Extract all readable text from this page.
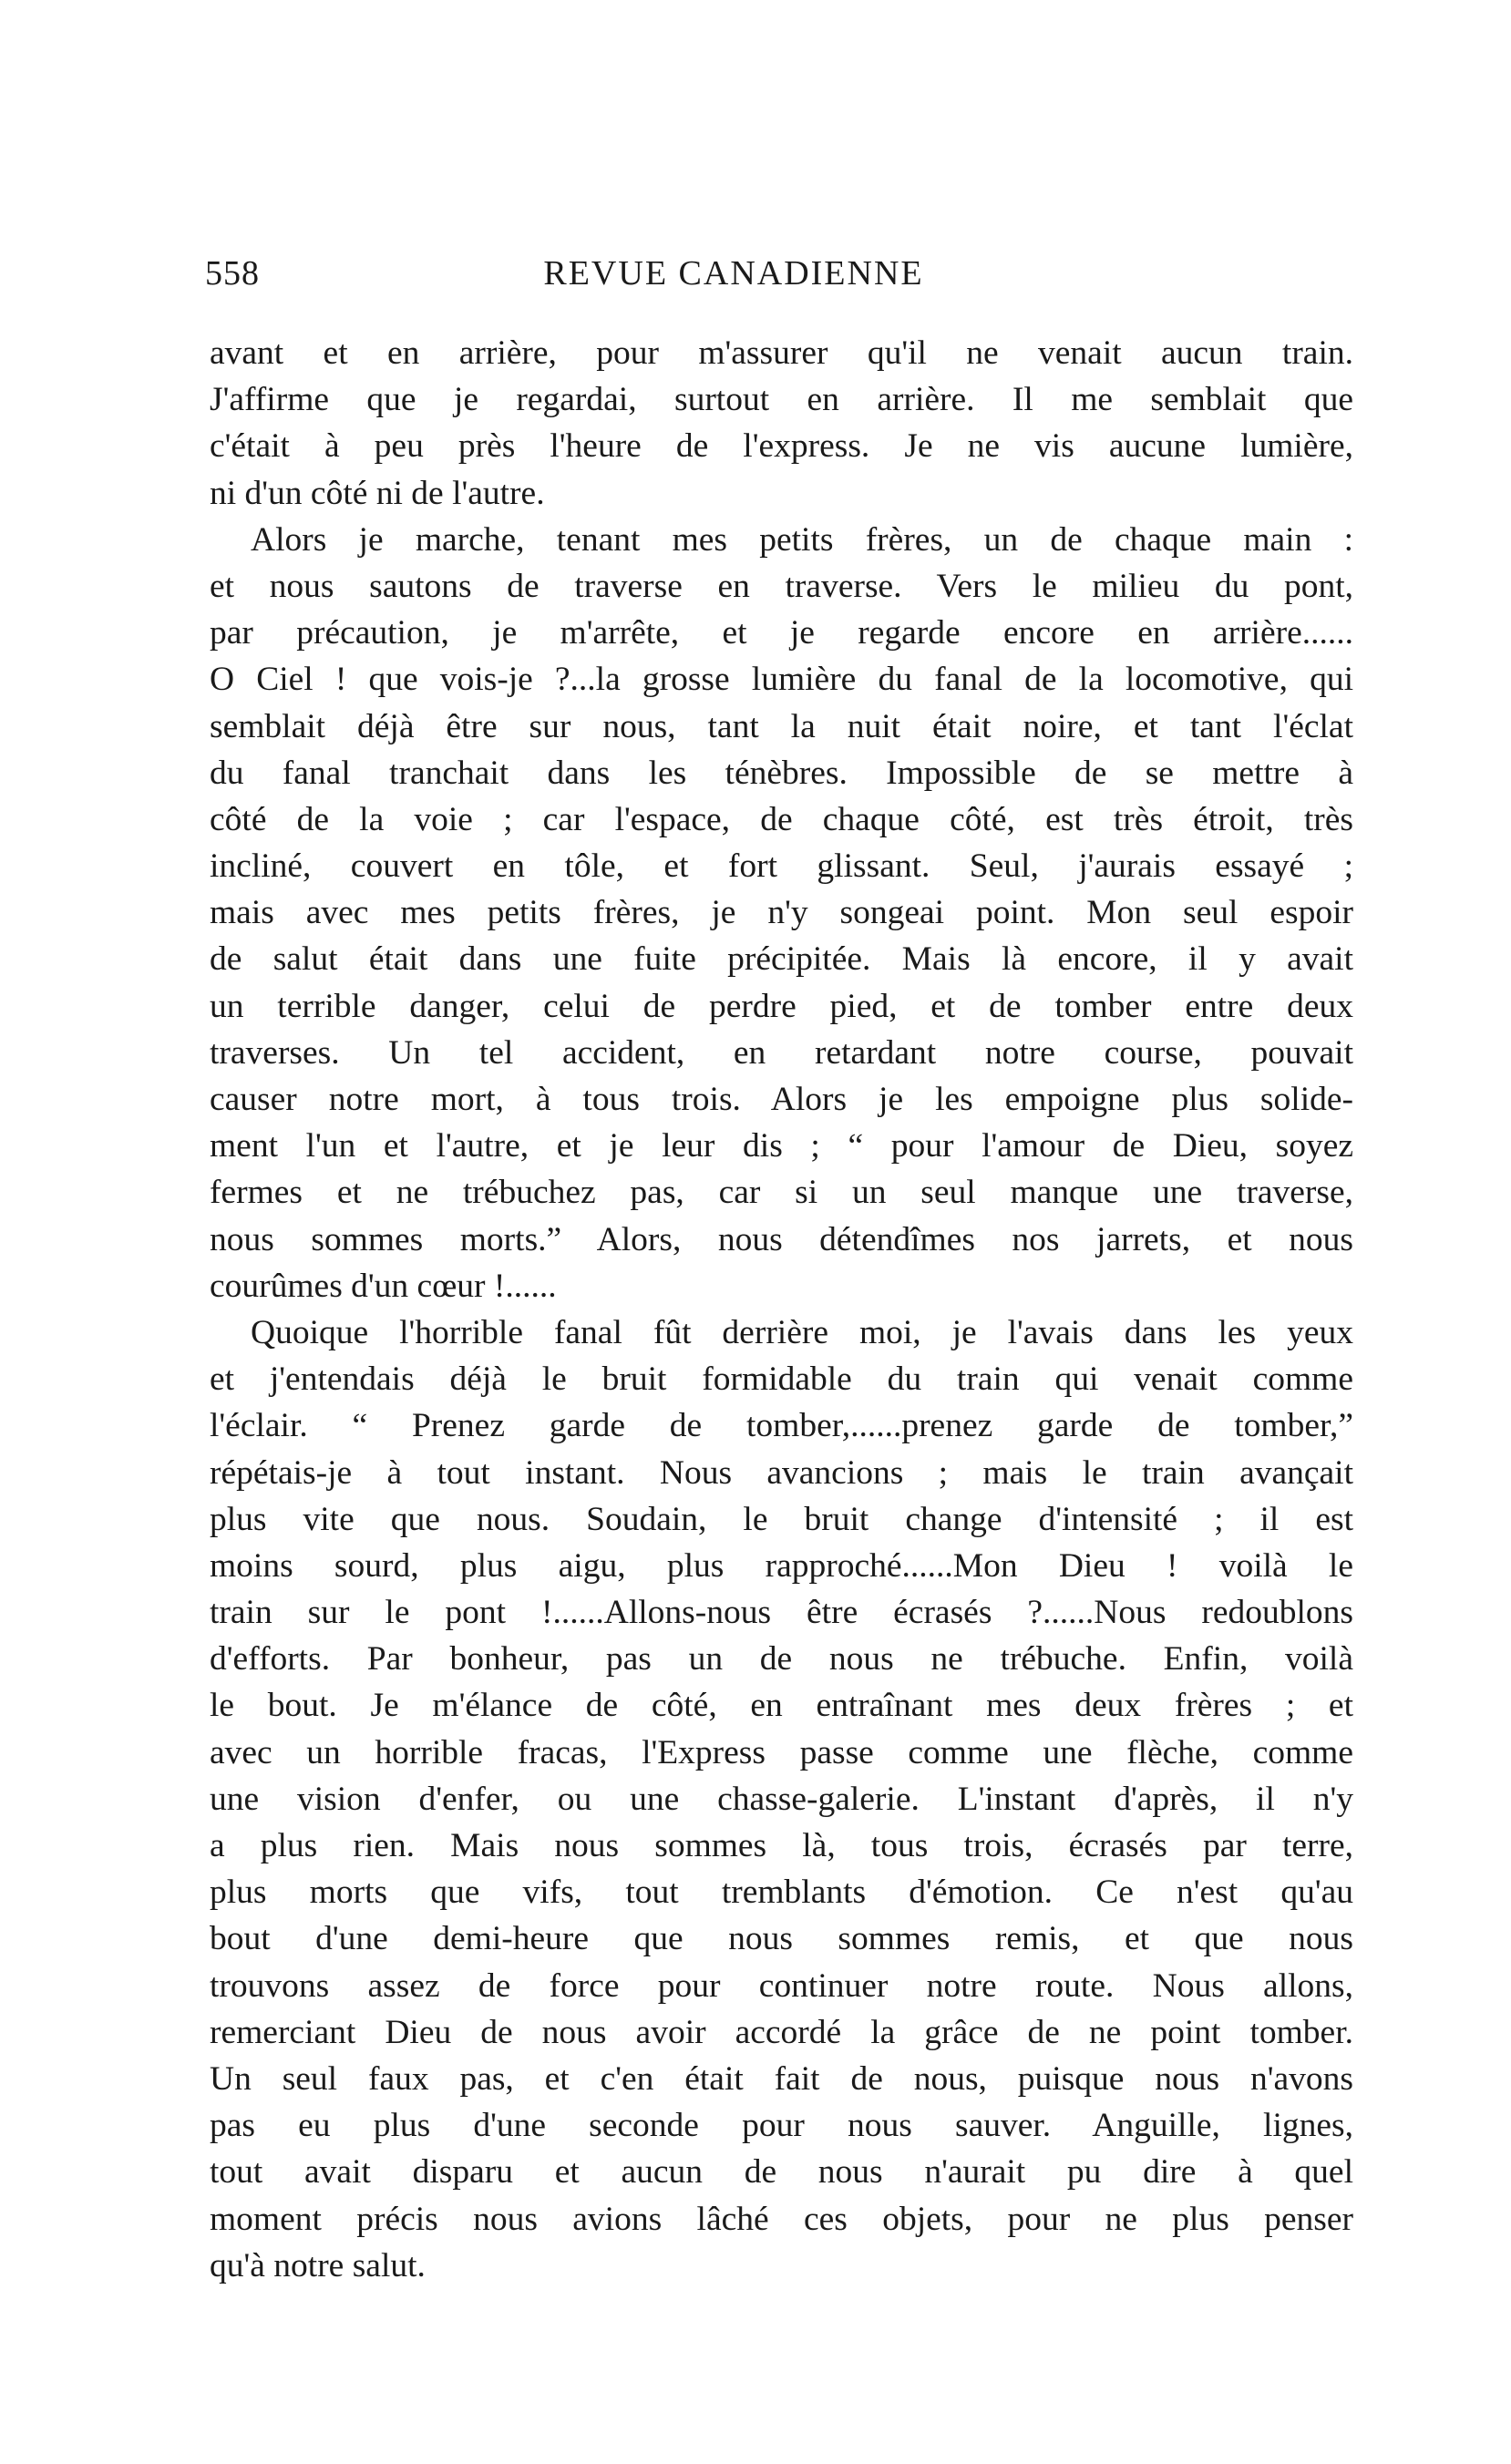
558	REVUE CANADIENNE
avant et en arrière, pour m'assurer qu'il ne venait aucun train.
J'affirme que je regardai, surtout en arrière. Il me semblait que
c'était à peu près l'heure de l'express. Je ne vis aucune lumière,
ni d'un côté ni de l'autre.
Alors je marche, tenant mes petits frères, un de chaque main :
et nous sautons de traverse en traverse. Vers le milieu du pont,
par précaution, je m'arrête, et je regarde encore en arrière......
O Ciel ! que vois-je ?...la grosse lumière du fanal de la locomotive, qui
semblait déjà être sur nous, tant la nuit était noire, et tant l'éclat
du fanal tranchait dans les ténèbres. Impossible de se mettre à
côté de la voie ; car l'espace, de chaque côté, est très étroit, très
incliné, couvert en tôle, et fort glissant. Seul, j'aurais essayé ;
mais avec mes petits frères, je n'y songeai point. Mon seul espoir
de salut était dans une fuite précipitée. Mais là encore, il y avait
un terrible danger, celui de perdre pied, et de tomber entre deux
traverses. Un tel accident, en retardant notre course, pouvait
causer notre mort, à tous trois. Alors je les empoigne plus solide-
ment l'un et l'autre, et je leur dis ; “ pour l'amour de Dieu, soyez
fermes et ne trébuchez pas, car si un seul manque une traverse,
nous sommes morts.” Alors, nous détendîmes nos jarrets, et nous
courûmes d'un cœur !......
Quoique l'horrible fanal fût derrière moi, je l'avais dans les yeux
et j'entendais déjà le bruit formidable du train qui venait comme
l'éclair. “ Prenez garde de tomber,......prenez garde de tomber,”
répétais-je à tout instant. Nous avancions ; mais le train avançait
plus vite que nous. Soudain, le bruit change d'intensité ; il est
moins sourd, plus aigu, plus rapproché......Mon Dieu ! voilà le
train sur le pont !......Allons-nous être écrasés ?......Nous redoublons
d'efforts. Par bonheur, pas un de nous ne trébuche. Enfin, voilà
le bout. Je m'élance de côté, en entraînant mes deux frères ; et
avec un horrible fracas, l'Express passe comme une flèche, comme
une vision d'enfer, ou une chasse-galerie. L'instant d'après, il n'y
a plus rien. Mais nous sommes là, tous trois, écrasés par terre,
plus morts que vifs, tout tremblants d'émotion. Ce n'est qu'au
bout d'une demi-heure que nous sommes remis, et que nous
trouvons assez de force pour continuer notre route. Nous allons,
remerciant Dieu de nous avoir accordé la grâce de ne point tomber.
Un seul faux pas, et c'en était fait de nous, puisque nous n'avons
pas eu plus d'une seconde pour nous sauver. Anguille, lignes,
tout avait disparu et aucun de nous n'aurait pu dire à quel
moment précis nous avions lâché ces objets, pour ne plus penser
qu'à notre salut.
